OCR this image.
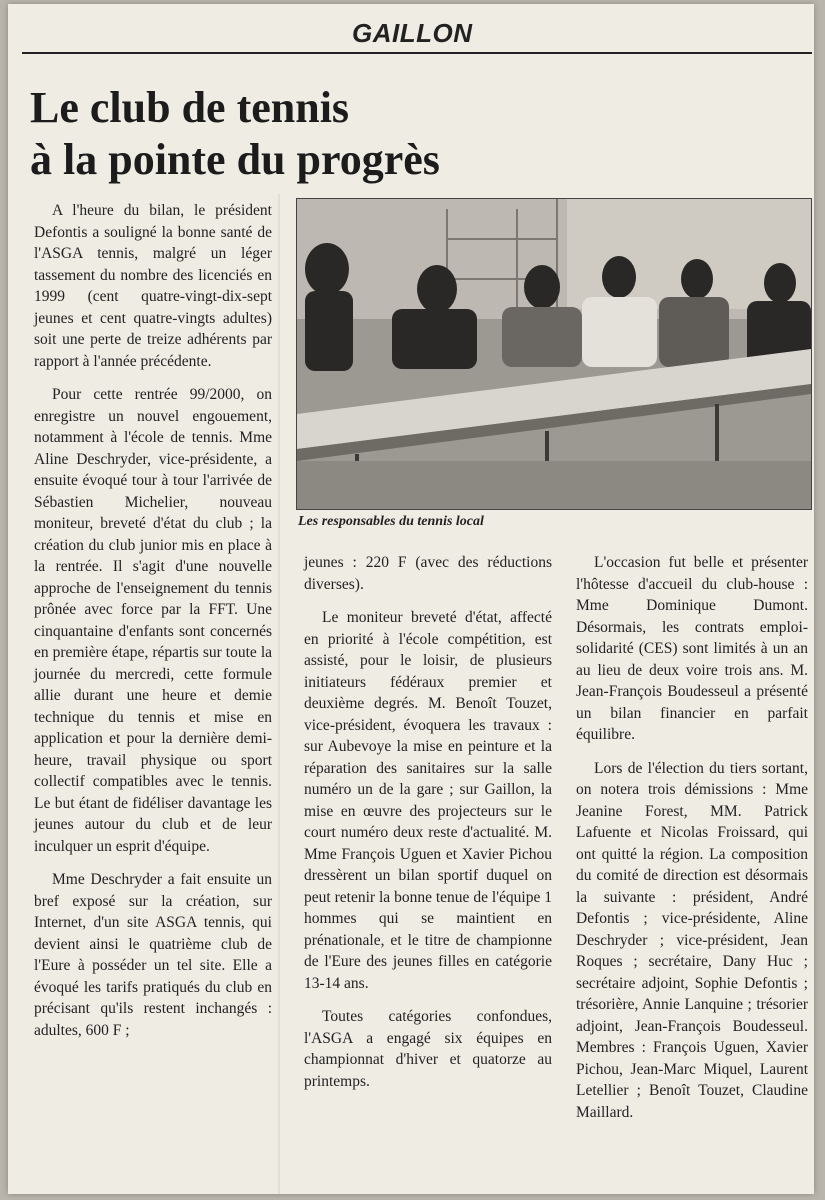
GAILLON
Le club de tennis
à la pointe du progrès
Les responsables du tennis local

A l'heure du bilan, le président Defontis a souligné la bonne santé de l'ASGA tennis, malgré un léger tassement du nombre des licenciés en 1999 (cent quatre-vingt-dix-sept jeunes et cent quatre-vingts adultes) soit une perte de treize adhérents par rapport à l'année précédente.

Pour cette rentrée 99/2000, on enregistre un nouvel engouement, notamment à l'école de tennis. Mme Aline Deschryder, vice-présidente, a ensuite évoqué tour à tour l'arrivée de Sébastien Michelier, nouveau moniteur, breveté d'état du club ; la création du club junior mis en place à la rentrée. Il s'agit d'une nouvelle approche de l'enseignement du tennis prônée avec force par la FFT. Une cinquantaine d'enfants sont concernés en première étape, répartis sur toute la journée du mercredi, cette formule allie durant une heure et demie technique du tennis et mise en application et pour la dernière demi-heure, travail physique ou sport collectif compatibles avec le tennis. Le but étant de fidéliser davantage les jeunes autour du club et de leur inculquer un esprit d'équipe.

Mme Deschryder a fait ensuite un bref exposé sur la création, sur Internet, d'un site ASGA tennis, qui devient ainsi le quatrième club de l'Eure à posséder un tel site. Elle a évoqué les tarifs pratiqués du club en précisant qu'ils restent inchangés : adultes, 600 F ;

jeunes : 220 F (avec des réductions diverses).

Le moniteur breveté d'état, affecté en priorité à l'école compétition, est assisté, pour le loisir, de plusieurs initiateurs fédéraux premier et deuxième degrés. M. Benoît Touzet, vice-président, évoquera les travaux : sur Aubevoye la mise en peinture et la réparation des sanitaires sur la salle numéro un de la gare ; sur Gaillon, la mise en œuvre des projecteurs sur le court numéro deux reste d'actualité. M. Mme François Uguen et Xavier Pichou dressèrent un bilan sportif duquel on peut retenir la bonne tenue de l'équipe 1 hommes qui se maintient en prénationale, et le titre de championne de l'Eure des jeunes filles en catégorie 13-14 ans.

Toutes catégories confondues, l'ASGA a engagé six équipes en championnat d'hiver et quatorze au printemps.

L'occasion fut belle et présenter l'hôtesse d'accueil du club-house : Mme Dominique Dumont. Désormais, les contrats emploi-solidarité (CES) sont limités à un an au lieu de deux voire trois ans. M. Jean-François Boudesseul a présenté un bilan financier en parfait équilibre.

Lors de l'élection du tiers sortant, on notera trois démissions : Mme Jeanine Forest, MM. Patrick Lafuente et Nicolas Froissard, qui ont quitté la région. La composition du comité de direction est désormais la suivante : président, André Defontis ; vice-présidente, Aline Deschryder ; vice-président, Jean Roques ; secrétaire, Dany Huc ; secrétaire adjoint, Sophie Defontis ; trésorière, Annie Lanquine ; trésorier adjoint, Jean-François Boudesseul. Membres : François Uguen, Xavier Pichou, Jean-Marc Miquel, Laurent Letellier ; Benoît Touzet, Claudine Maillard.
